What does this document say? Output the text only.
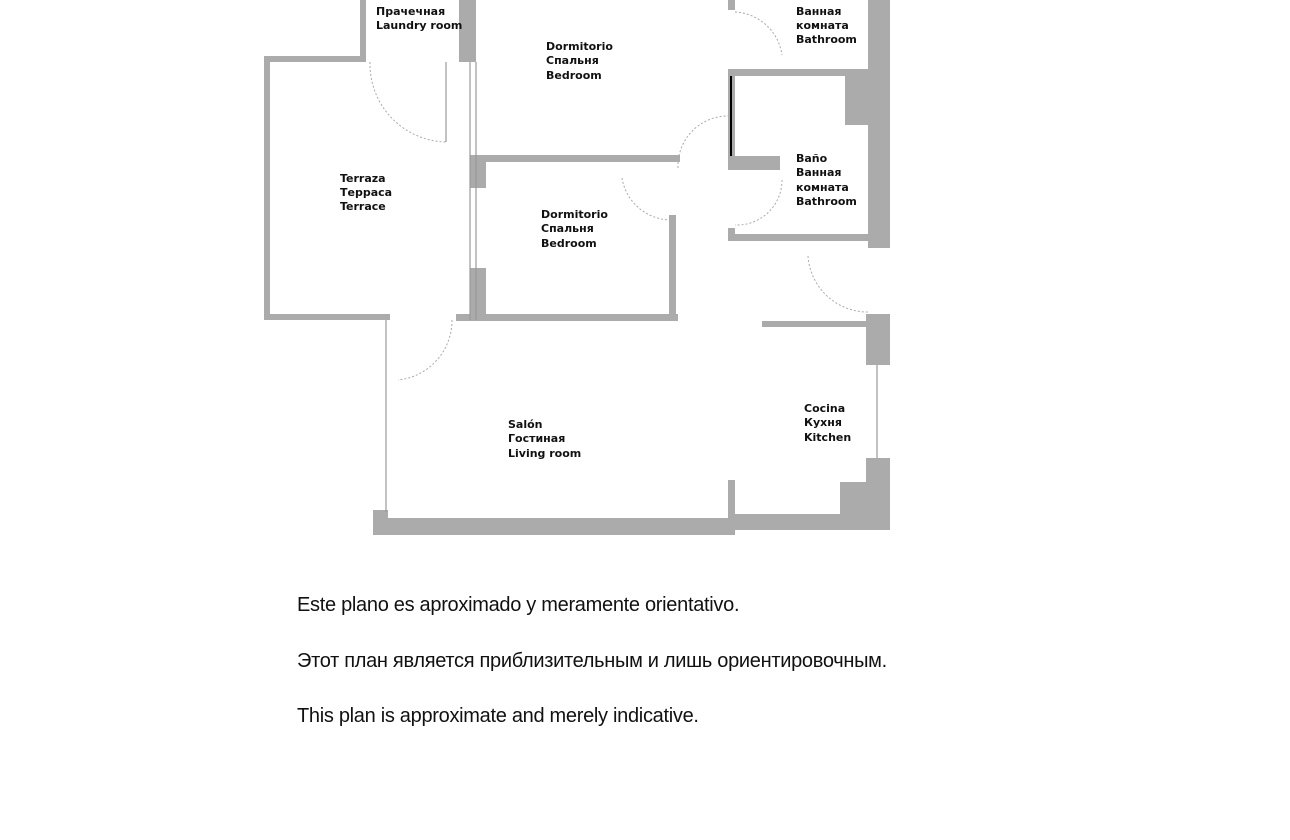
Прачечная Laundry room
Dormitorio Спальня Bedroom
Ванная комната Bathroom
Baño Ванная комната Bathroom
Terraza Терраса Terrace
Dormitorio Спальня Bedroom
Salón Гостиная Living room
Cocina Кухня Kitchen
Este plano es aproximado y meramente orientativo.
Этот план является приблизительным и лишь ориентировочным.
This plan is approximate and merely indicative.
